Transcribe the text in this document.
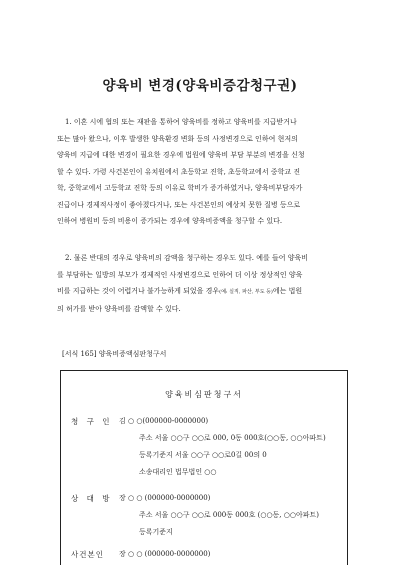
양육비 변경(양육비증감청구권)

1. 이혼 시에 협의 또는 재판을 통하여 양육비를 정하고 양육비를 지급받거나
또는 많아 왔으나, 이후 발생한 양육환경 변화 등의 사정변경으로 인하여 현저의
양육비 지급에 대한 변경이 필요한 경우에 법원에 양육비 부담 부분의 변경을 신청
할 수 있다. 가령 사건본인이 유치원에서 초등학교 진학, 초등학교에서 중학교 진
학, 중학교에서 고등학교 진학 등의 이유로 학비가 증가하였거나, 양육비부담자가
진급이나 경제적사정이 좋아졌다거나, 또는 사건본인의 예상치 못한 질병 등으로
인하여 병원비 등의 비용이 증가되는 경우에 양육비증액을 청구할 수 있다.

2. 물론 반대의 경우로 양육비의 감액을 청구하는 경우도 있다. 예를 들어 양육비
를 부담하는 일방의 부모가 경제적인 사정변경으로 인하여 더 이상 정상적인 양육
비를 지급하는 것이 어렵거나 불가능하게 되었을 경우(예: 실직, 파산, 부도 등)에는 법원
의 허가를 받아 양육비를 감액할 수 있다.

[서식 165] 양육비증액심판청구서
양육비심판청구서
청 구 인 김 ○ ○(000000-0000000)
주소 서울 ○○구 ○○로 000, 0동 000호(○○동, ○○아파트)
등록기준지 서울 ○○구 ○○로0길 00의 0
소송대리인 법무법인 ○○
상 대 방 장 ○ ○ (000000-0000000)
주소 서울 ○○구 ○○로 000동 000호 (○○동, ○○아파트)
등록기준지
사건본인 장 ○ ○ (000000-0000000)
